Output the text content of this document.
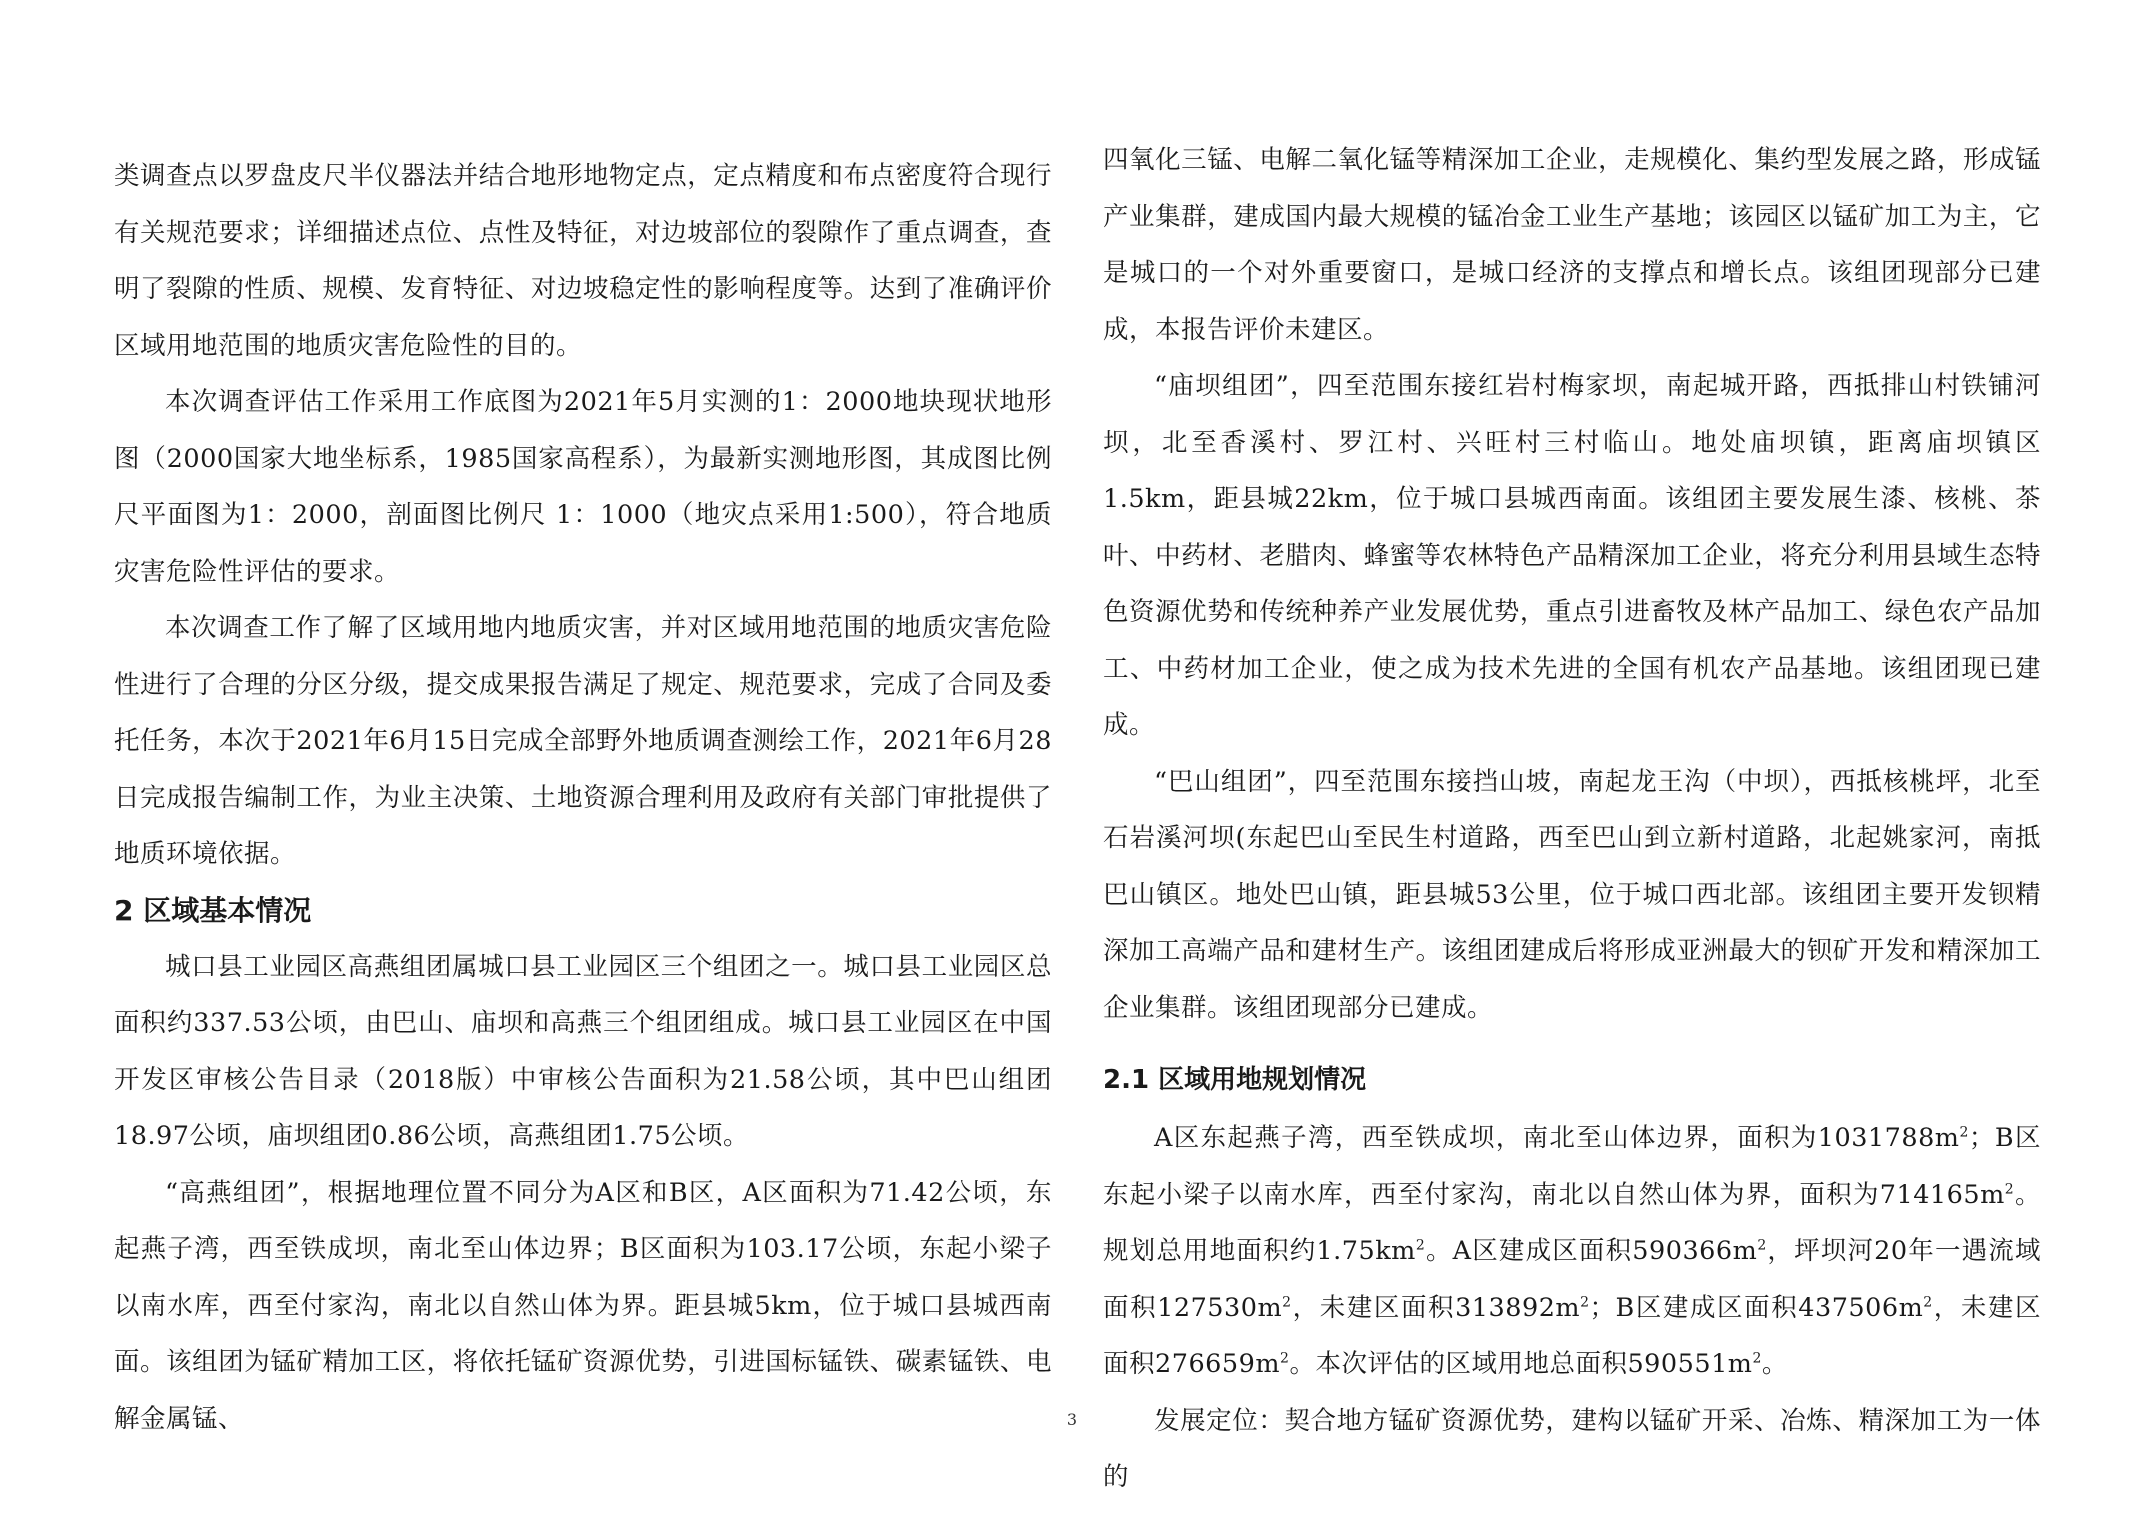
类调查点以罗盘皮尺半仪器法并结合地形地物定点，定点精度和布点密度符合现行有关规范要求；详细描述点位、点性及特征，对边坡部位的裂隙作了重点调查，查明了裂隙的性质、规模、发育特征、对边坡稳定性的影响程度等。达到了准确评价区域用地范围的地质灾害危险性的目的。

本次调查评估工作采用工作底图为2021年5月实测的1：2000地块现状地形图（2000国家大地坐标系，1985国家高程系），为最新实测地形图，其成图比例尺平面图为1：2000，剖面图比例尺 1：1000（地灾点采用1:500），符合地质灾害危险性评估的要求。

本次调查工作了解了区域用地内地质灾害，并对区域用地范围的地质灾害危险性进行了合理的分区分级，提交成果报告满足了规定、规范要求，完成了合同及委托任务，本次于2021年6月15日完成全部野外地质调查测绘工作，2021年6月28日完成报告编制工作，为业主决策、土地资源合理利用及政府有关部门审批提供了地质环境依据。

2 区域基本情况

城口县工业园区高燕组团属城口县工业园区三个组团之一。城口县工业园区总面积约337.53公顷，由巴山、庙坝和高燕三个组团组成。城口县工业园区在中国开发区审核公告目录（2018版）中审核公告面积为21.58公顷，其中巴山组团18.97公顷，庙坝组团0.86公顷，高燕组团1.75公顷。

“高燕组团”，根据地理位置不同分为A区和B区，A区面积为71.42公顷，东起燕子湾，西至铁成坝，南北至山体边界；B区面积为103.17公顷，东起小梁子以南水库，西至付家沟，南北以自然山体为界。距县城5km，位于城口县城西南面。该组团为锰矿精加工区，将依托锰矿资源优势，引进国标锰铁、碳素锰铁、电解金属锰、

四氧化三锰、电解二氧化锰等精深加工企业，走规模化、集约型发展之路，形成锰产业集群，建成国内最大规模的锰冶金工业生产基地；该园区以锰矿加工为主，它是城口的一个对外重要窗口，是城口经济的支撑点和增长点。该组团现部分已建成，本报告评价未建区。

“庙坝组团”，四至范围东接红岩村梅家坝，南起城开路，西抵排山村铁铺河坝，北至香溪村、罗江村、兴旺村三村临山。地处庙坝镇，距离庙坝镇区1.5km，距县城22km，位于城口县城西南面。该组团主要发展生漆、核桃、茶叶、中药材、老腊肉、蜂蜜等农林特色产品精深加工企业，将充分利用县域生态特色资源优势和传统种养产业发展优势，重点引进畜牧及林产品加工、绿色农产品加工、中药材加工企业，使之成为技术先进的全国有机农产品基地。该组团现已建成。

“巴山组团”，四至范围东接挡山坡，南起龙王沟（中坝），西抵核桃坪，北至石岩溪河坝(东起巴山至民生村道路，西至巴山到立新村道路，北起姚家河，南抵巴山镇区。地处巴山镇，距县城53公里，位于城口西北部。该组团主要开发钡精深加工高端产品和建材生产。该组团建成后将形成亚洲最大的钡矿开发和精深加工企业集群。该组团现部分已建成。

2.1 区域用地规划情况

A区东起燕子湾，西至铁成坝，南北至山体边界，面积为$1031788m^2$；B区东起小梁子以南水库，西至付家沟，南北以自然山体为界，面积为$714165m^2$。规划总用地面积约$1.75km^2$。A区建成区面积$590366m^2$，坪坝河20年一遇流域面积$127530m^2$，未建区面积$313892m^2$；B区建成区面积$437506m^2$，未建区面积$276659m^2$。本次评估的区域用地总面积$590551m^2$。

发展定位：契合地方锰矿资源优势，建构以锰矿开采、冶炼、精深加工为一体的

3
